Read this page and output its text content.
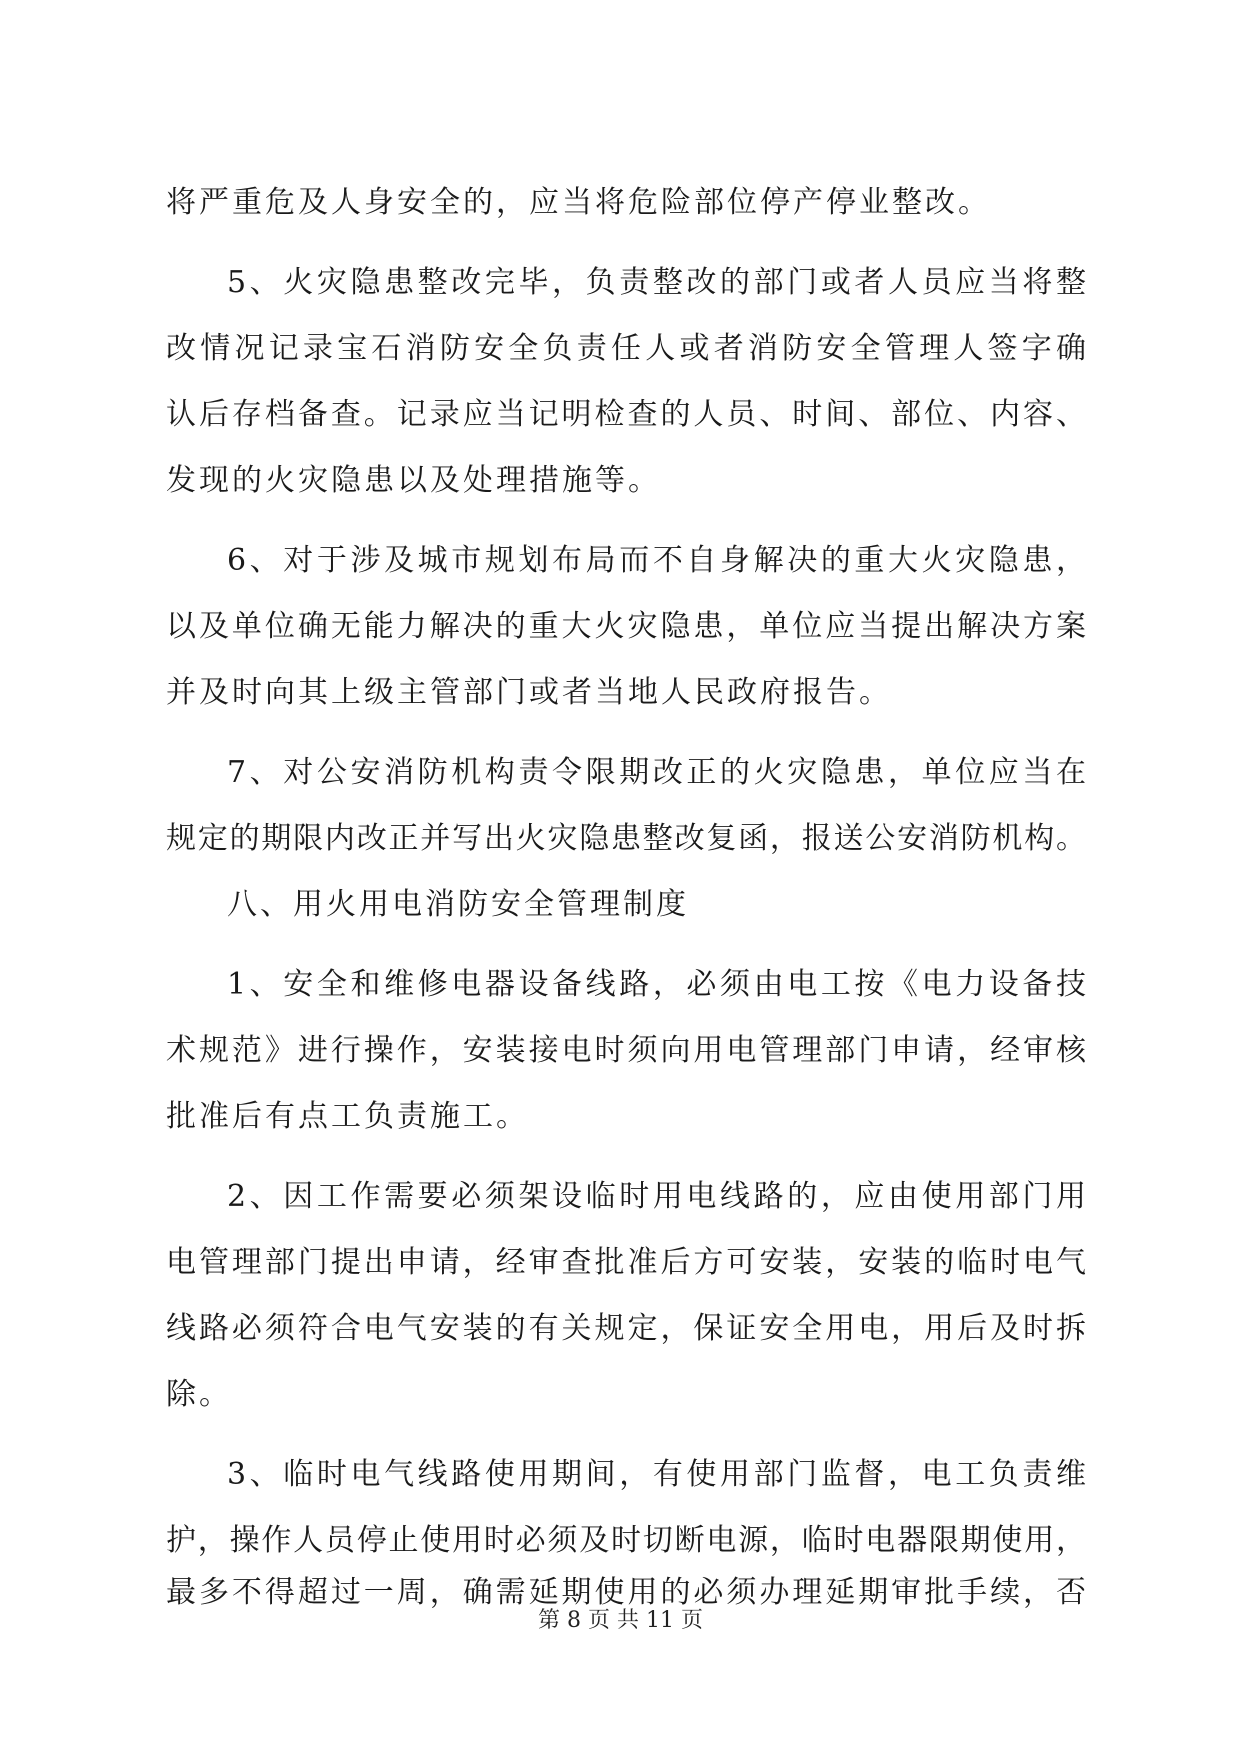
将严重危及人身安全的，应当将危险部位停产停业整改。
5、火灾隐患整改完毕，负责整改的部门或者人员应当将整
改情况记录宝石消防安全负责任人或者消防安全管理人签字确
认后存档备查。记录应当记明检查的人员、时间、部位、内容、
发现的火灾隐患以及处理措施等。
6、对于涉及城市规划布局而不自身解决的重大火灾隐患，
以及单位确无能力解决的重大火灾隐患，单位应当提出解决方案
并及时向其上级主管部门或者当地人民政府报告。
7、对公安消防机构责令限期改正的火灾隐患，单位应当在
规定的期限内改正并写出火灾隐患整改复函，报送公安消防机构。
八、用火用电消防安全管理制度
1、安全和维修电器设备线路，必须由电工按《电力设备技
术规范》进行操作，安装接电时须向用电管理部门申请，经审核
批准后有点工负责施工。
2、因工作需要必须架设临时用电线路的，应由使用部门用
电管理部门提出申请，经审查批准后方可安装，安装的临时电气
线路必须符合电气安装的有关规定，保证安全用电，用后及时拆
除。
3、临时电气线路使用期间，有使用部门监督，电工负责维
护，操作人员停止使用时必须及时切断电源，临时电器限期使用，
第 8 页 共 11 页
最多不得超过一周，确需延期使用的必须办理延期审批手续，否
